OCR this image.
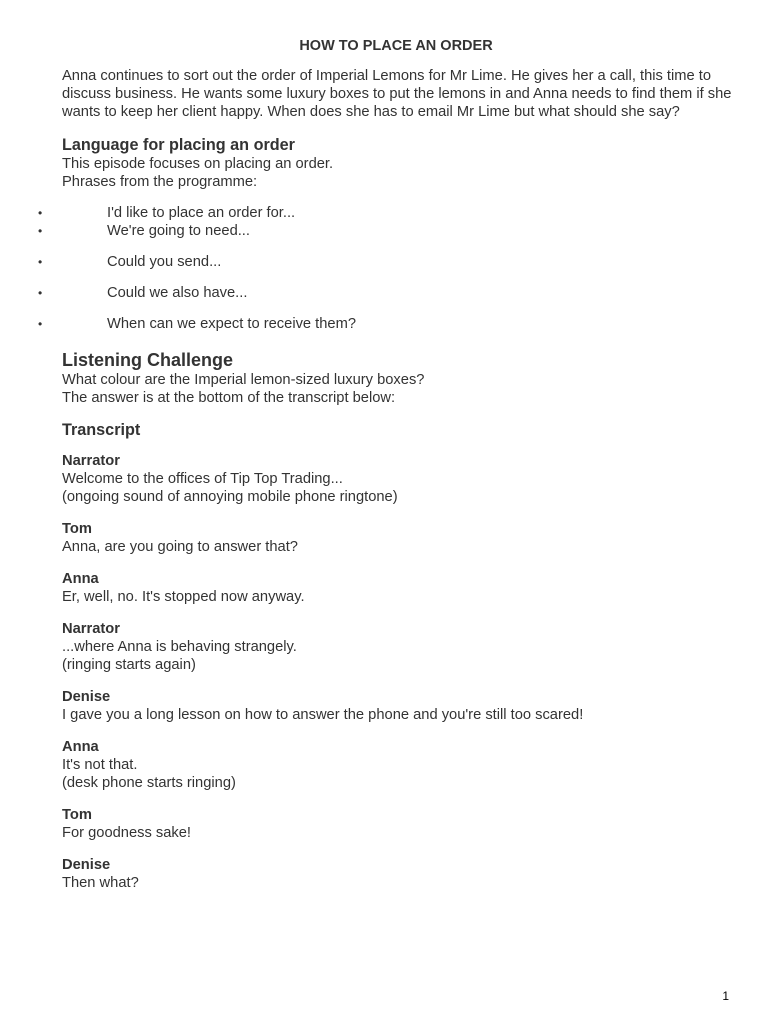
HOW TO PLACE AN ORDER

Anna continues to sort out the order of Imperial Lemons for Mr Lime. He gives her a call, this time to discuss business. He wants some luxury boxes to put the lemons in and Anna needs to find them if she wants to keep her client happy. When does she has to email Mr Lime but what should she say?

Language for placing an order

This episode focuses on placing an order.

Phrases from the programme:

•	I'd like to place an order for...
•	We're going to need...
•	Could you send...
•	Could we also have...
•	When can we expect to receive them?
Listening Challenge

What colour are the Imperial lemon-sized luxury boxes?

The answer is at the bottom of the transcript below:

Transcript
Narrator
Welcome to the offices of Tip Top Trading...
(ongoing sound of annoying mobile phone ringtone)
Tom
Anna, are you going to answer that?
Anna
Er, well, no. It's stopped now anyway.
Narrator
...where Anna is behaving strangely.
(ringing starts again)
Denise
I gave you a long lesson on how to answer the phone and you're still too scared!
Anna
It's not that.
(desk phone starts ringing)
Tom
For goodness sake!
Denise
Then what?
1
